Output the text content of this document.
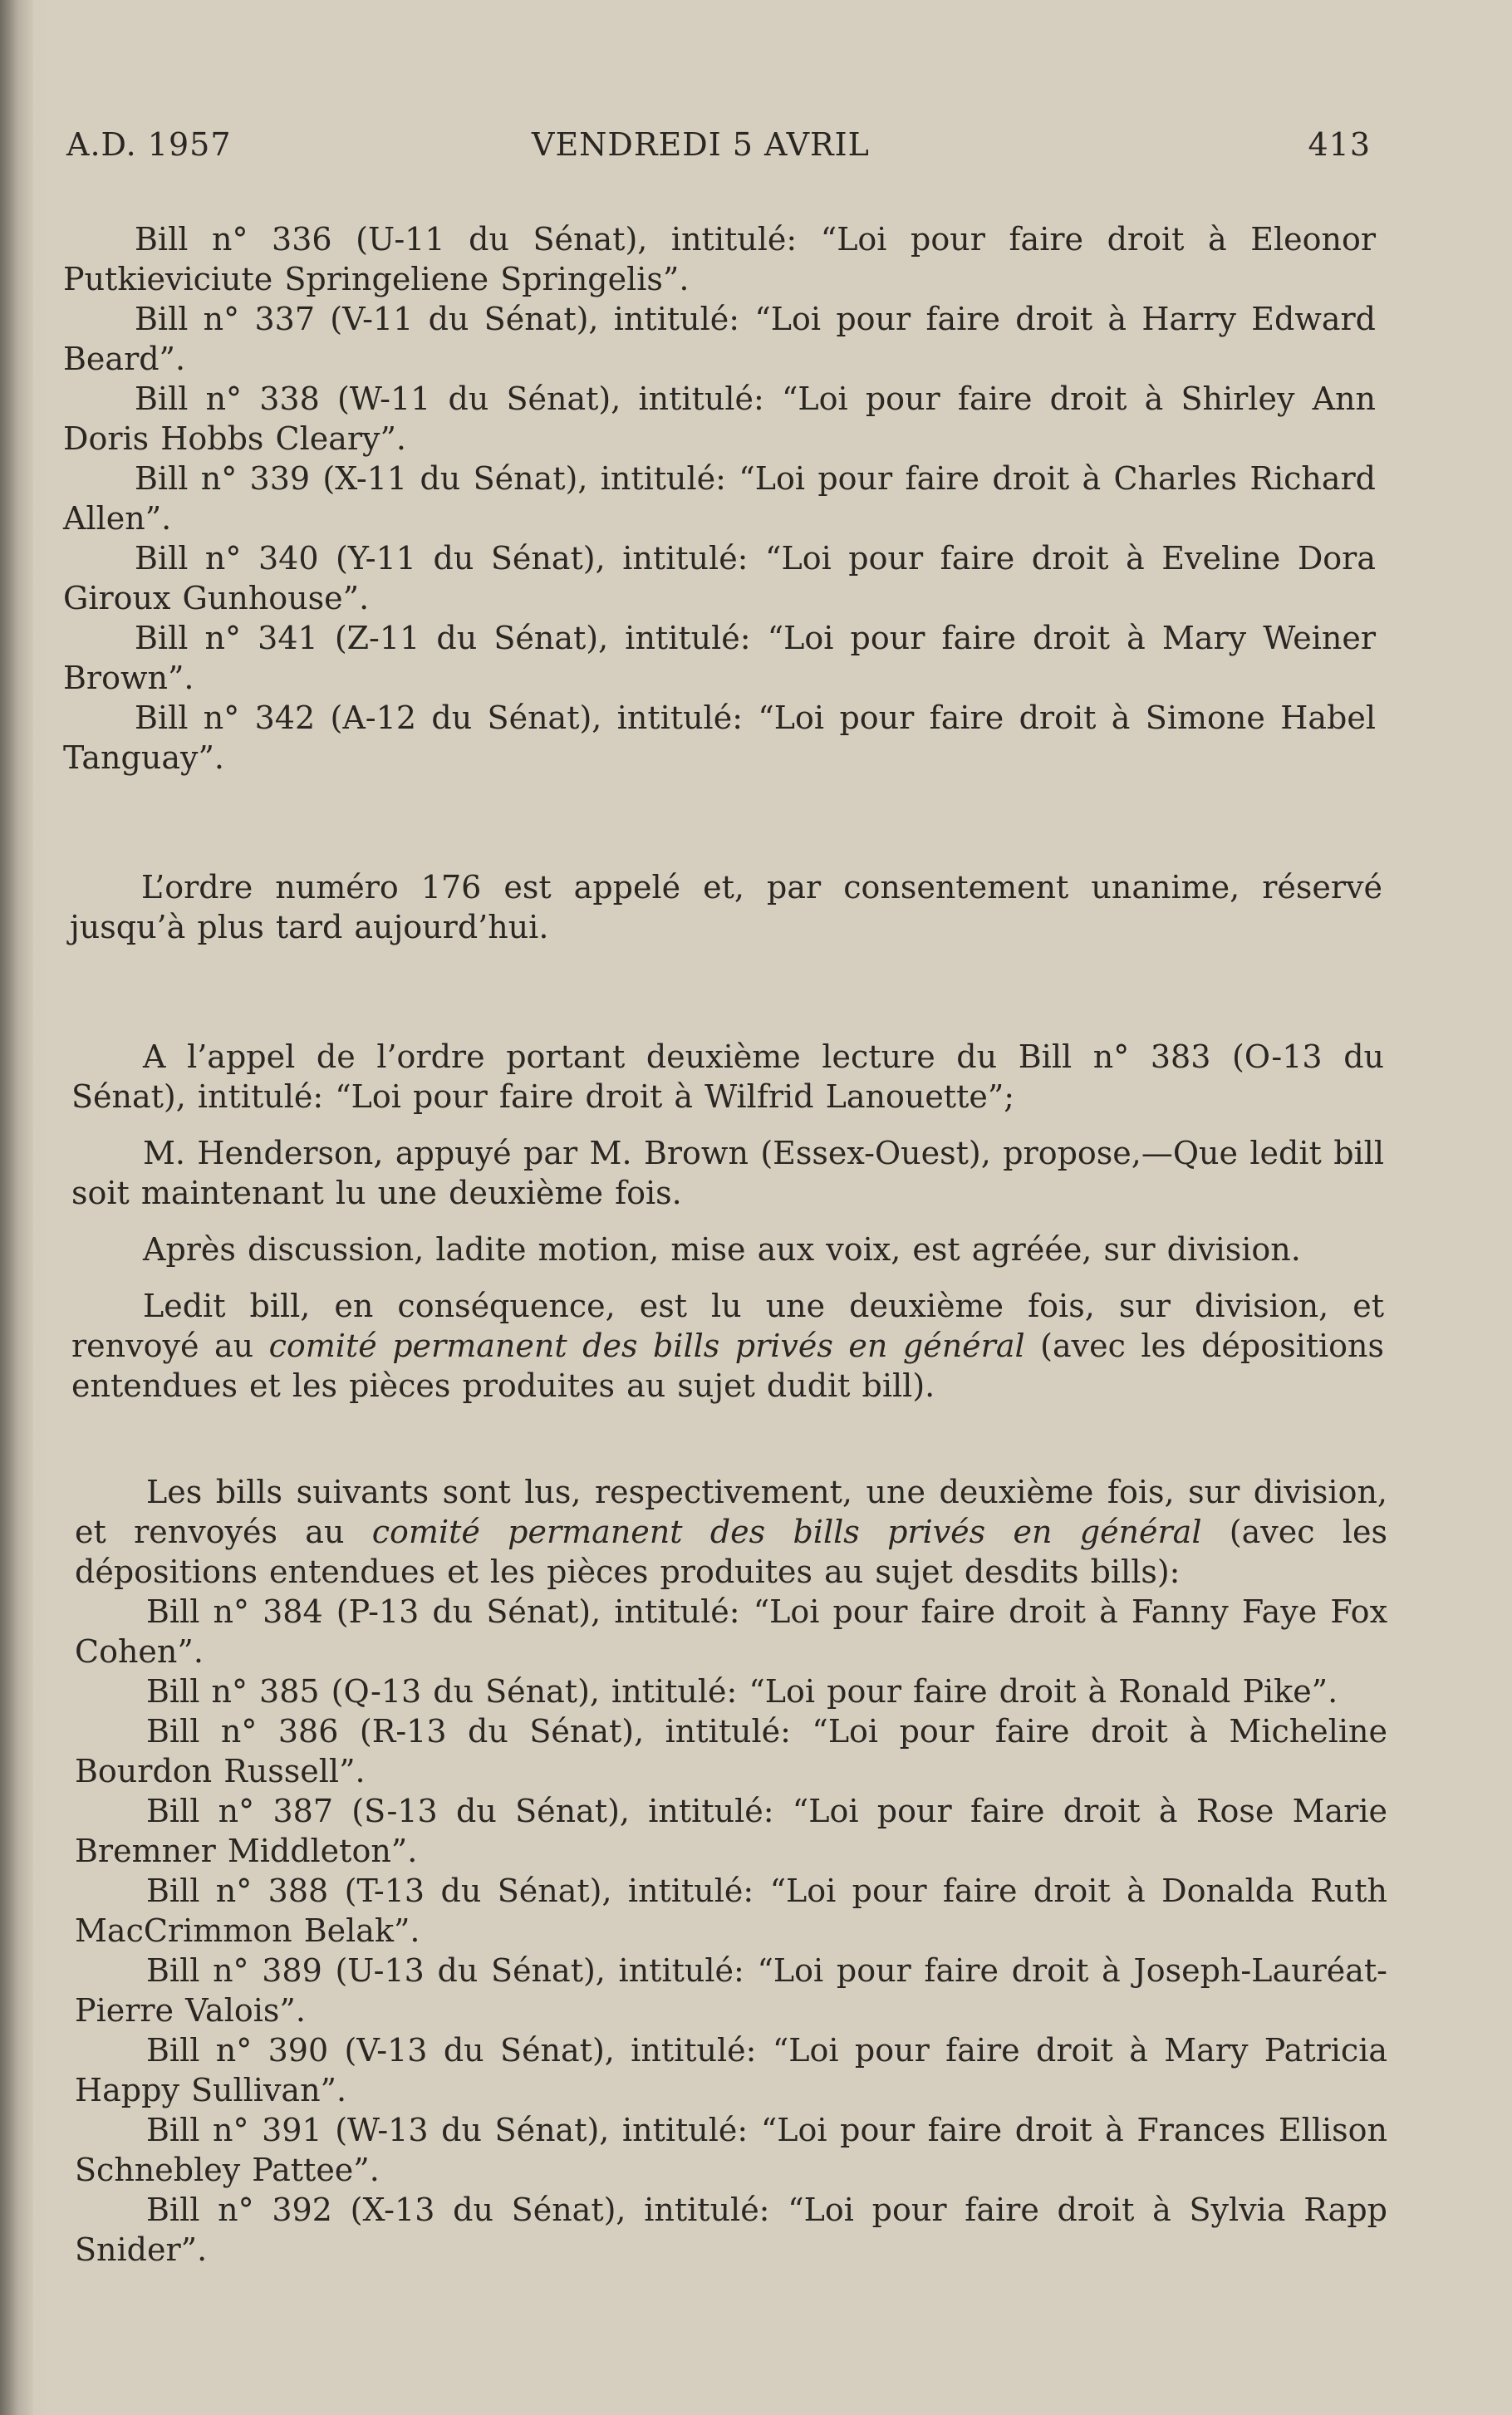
A.D. 1957	VENDREDI 5 AVRIL	413

Bill n° 336 (U-11 du Sénat), intitulé: “Loi pour faire droit à Eleonor Putkieviciute Springeliene Springelis”.

Bill n° 337 (V-11 du Sénat), intitulé: “Loi pour faire droit à Harry Edward Beard”.

Bill n° 338 (W-11 du Sénat), intitulé: “Loi pour faire droit à Shirley Ann Doris Hobbs Cleary”.

Bill n° 339 (X-11 du Sénat), intitulé: “Loi pour faire droit à Charles Richard Allen”.

Bill n° 340 (Y-11 du Sénat), intitulé: “Loi pour faire droit à Eveline Dora Giroux Gunhouse”.

Bill n° 341 (Z-11 du Sénat), intitulé: “Loi pour faire droit à Mary Weiner Brown”.

Bill n° 342 (A-12 du Sénat), intitulé: “Loi pour faire droit à Simone Habel Tanguay”.

L’ordre numéro 176 est appelé et, par consentement unanime, réservé jusqu’à plus tard aujourd’hui.

A l’appel de l’ordre portant deuxième lecture du Bill n° 383 (O-13 du Sénat), intitulé: “Loi pour faire droit à Wilfrid Lanouette”;

M. Henderson, appuyé par M. Brown (Essex-Ouest), propose,—Que ledit bill soit maintenant lu une deuxième fois.

Après discussion, ladite motion, mise aux voix, est agréée, sur division.

Ledit bill, en conséquence, est lu une deuxième fois, sur division, et renvoyé au comité permanent des bills privés en général (avec les dépositions entendues et les pièces produites au sujet dudit bill).

Les bills suivants sont lus, respectivement, une deuxième fois, sur division, et renvoyés au comité permanent des bills privés en général (avec les dépositions entendues et les pièces produites au sujet desdits bills):

Bill n° 384 (P-13 du Sénat), intitulé: “Loi pour faire droit à Fanny Faye Fox Cohen”.

Bill n° 385 (Q-13 du Sénat), intitulé: “Loi pour faire droit à Ronald Pike”.

Bill n° 386 (R-13 du Sénat), intitulé: “Loi pour faire droit à Micheline Bourdon Russell”.

Bill n° 387 (S-13 du Sénat), intitulé: “Loi pour faire droit à Rose Marie Bremner Middleton”.

Bill n° 388 (T-13 du Sénat), intitulé: “Loi pour faire droit à Donalda Ruth MacCrimmon Belak”.

Bill n° 389 (U-13 du Sénat), intitulé: “Loi pour faire droit à Joseph-Lauréat-Pierre Valois”.

Bill n° 390 (V-13 du Sénat), intitulé: “Loi pour faire droit à Mary Patricia Happy Sullivan”.

Bill n° 391 (W-13 du Sénat), intitulé: “Loi pour faire droit à Frances Ellison Schnebley Pattee”.

Bill n° 392 (X-13 du Sénat), intitulé: “Loi pour faire droit à Sylvia Rapp Snider”.
